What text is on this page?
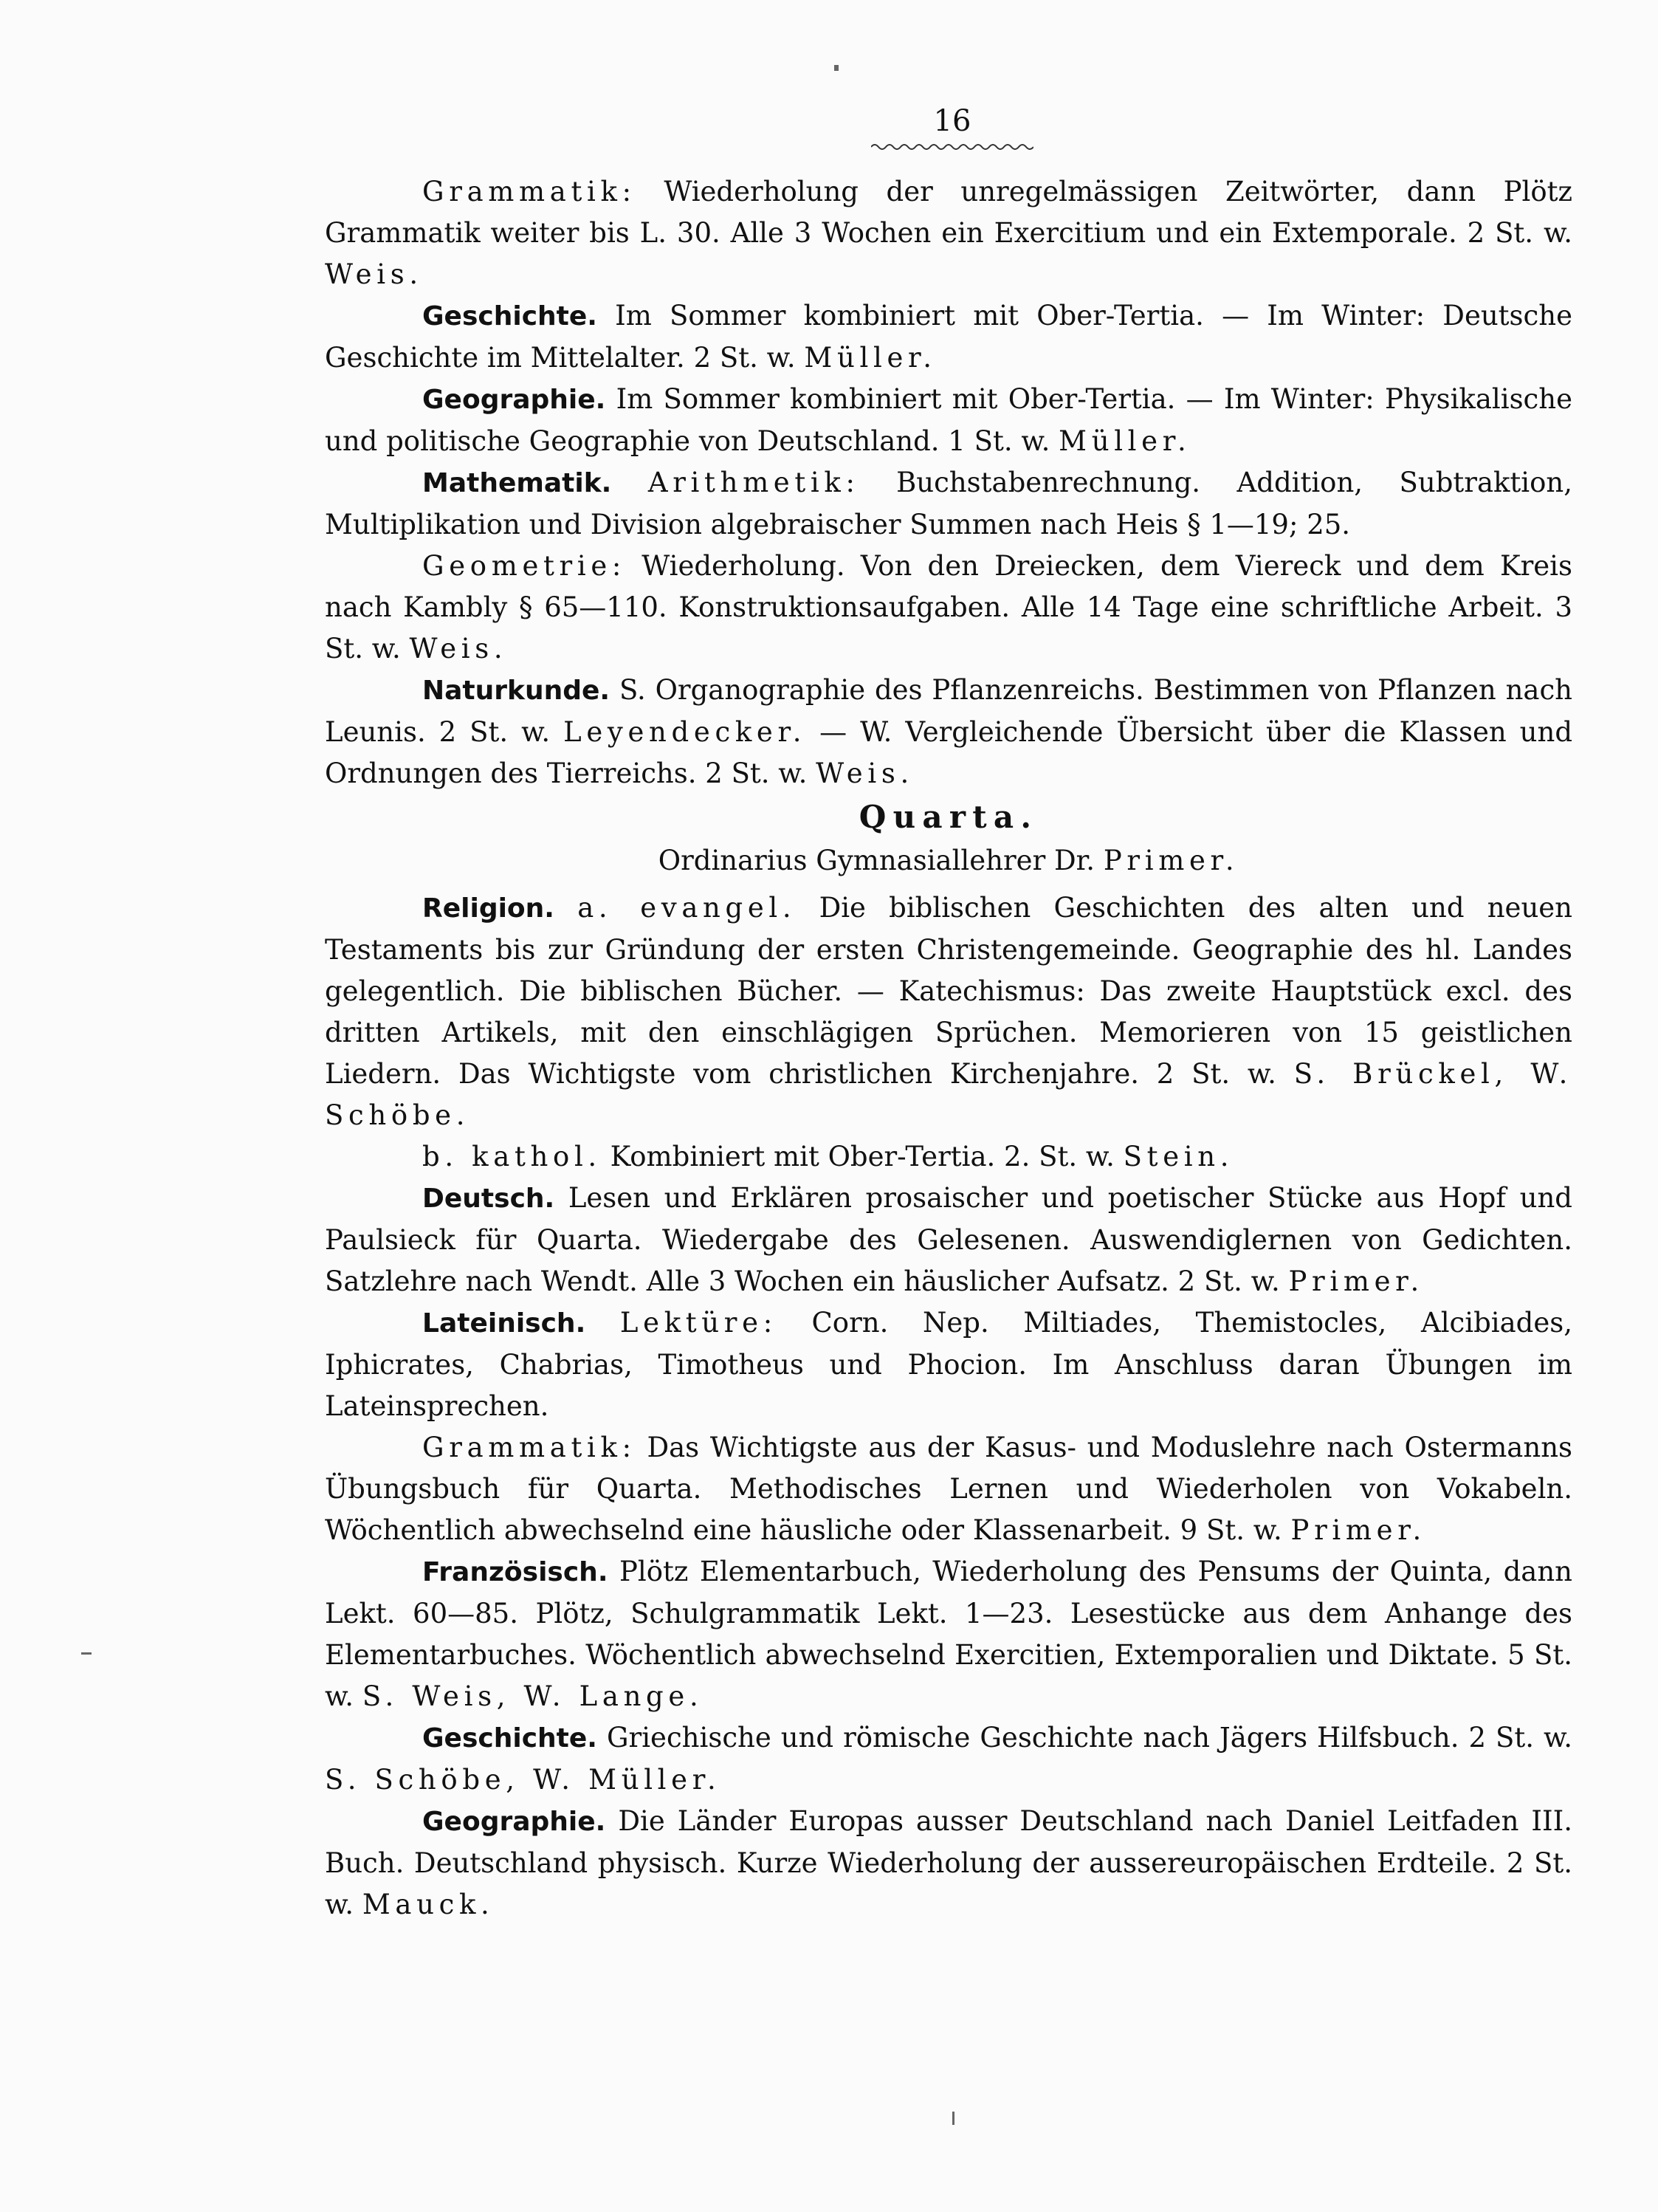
16

Grammatik: Wiederholung der unregelmässigen Zeitwörter, dann Plötz Grammatik weiter bis L. 30. Alle 3 Wochen ein Exercitium und ein Extemporale. 2 St. w. Weis.

Geschichte. Im Sommer kombiniert mit Ober-Tertia. — Im Winter: Deutsche Geschichte im Mittelalter. 2 St. w. Müller.

Geographie. Im Sommer kombiniert mit Ober-Tertia. — Im Winter: Physikalische und politische Geographie von Deutschland. 1 St. w. Müller.

Mathematik. Arithmetik: Buchstabenrechnung. Addition, Subtraktion, Multiplikation und Division algebraischer Summen nach Heis § 1—19; 25.

Geometrie: Wiederholung. Von den Dreiecken, dem Viereck und dem Kreis nach Kambly § 65—110. Konstruktionsaufgaben. Alle 14 Tage eine schriftliche Arbeit. 3 St. w. Weis.

Naturkunde. S. Organographie des Pflanzenreichs. Bestimmen von Pflanzen nach Leunis. 2 St. w. Leyendecker. — W. Vergleichende Übersicht über die Klassen und Ordnungen des Tierreichs. 2 St. w. Weis.

Quarta.

Ordinarius Gymnasiallehrer Dr. Primer.

Religion. a. evangel. Die biblischen Geschichten des alten und neuen Testaments bis zur Gründung der ersten Christengemeinde. Geographie des hl. Landes gelegentlich. Die biblischen Bücher. — Katechismus: Das zweite Hauptstück excl. des dritten Artikels, mit den einschlägigen Sprüchen. Memorieren von 15 geistlichen Liedern. Das Wichtigste vom christlichen Kirchenjahre. 2 St. w. S. Brückel, W. Schöbe.

b. kathol. Kombiniert mit Ober-Tertia. 2. St. w. Stein.

Deutsch. Lesen und Erklären prosaischer und poetischer Stücke aus Hopf und Paulsieck für Quarta. Wiedergabe des Gelesenen. Auswendiglernen von Gedichten. Satzlehre nach Wendt. Alle 3 Wochen ein häuslicher Aufsatz. 2 St. w. Primer.

Lateinisch. Lektüre: Corn. Nep. Miltiades, Themistocles, Alcibiades, Iphicrates, Chabrias, Timotheus und Phocion. Im Anschluss daran Übungen im Lateinsprechen.

Grammatik: Das Wichtigste aus der Kasus- und Moduslehre nach Ostermanns Übungsbuch für Quarta. Methodisches Lernen und Wiederholen von Vokabeln. Wöchentlich abwechselnd eine häusliche oder Klassenarbeit. 9 St. w. Primer.

Französisch. Plötz Elementarbuch, Wiederholung des Pensums der Quinta, dann Lekt. 60—85. Plötz, Schulgrammatik Lekt. 1—23. Lesestücke aus dem Anhange des Elementarbuches. Wöchentlich abwechselnd Exercitien, Extemporalien und Diktate. 5 St. w. S. Weis, W. Lange.

Geschichte. Griechische und römische Geschichte nach Jägers Hilfsbuch. 2 St. w. S. Schöbe, W. Müller.

Geographie. Die Länder Europas ausser Deutschland nach Daniel Leitfaden III. Buch. Deutschland physisch. Kurze Wiederholung der aussereuropäischen Erdteile. 2 St. w. Mauck.
